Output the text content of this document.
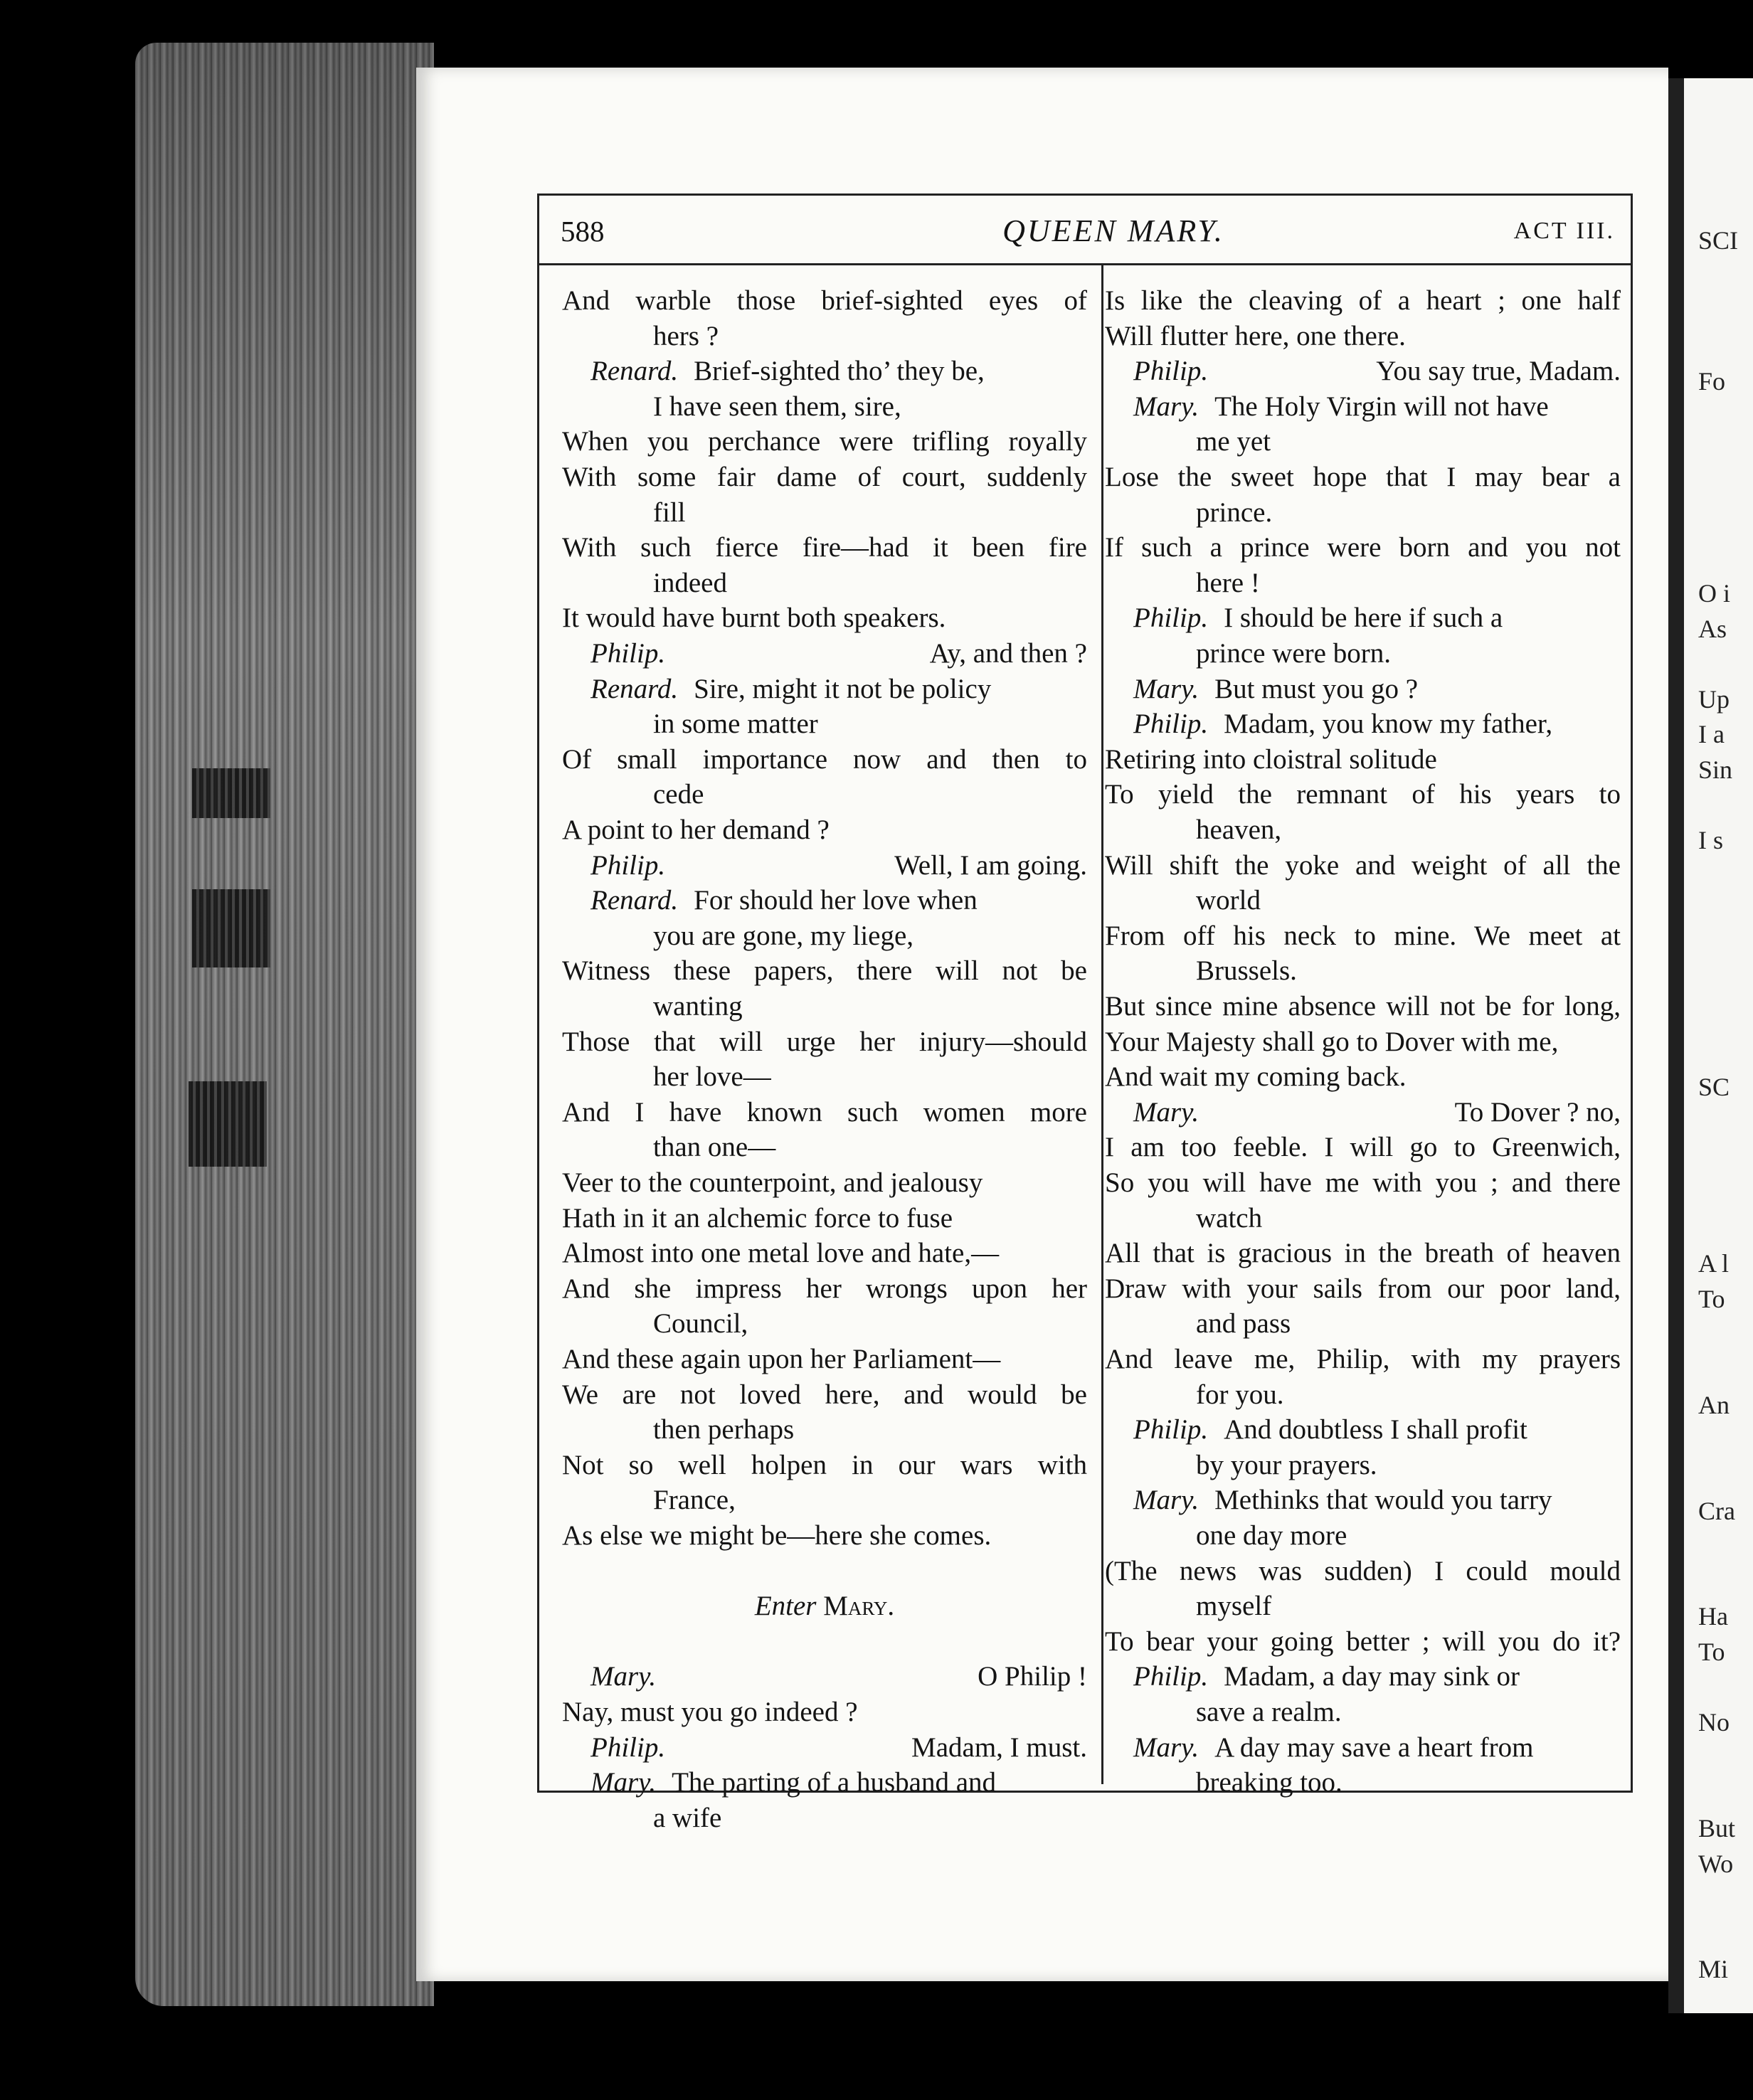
SCI
Fo
O i
As
Up
I a
Sin
I s
SC
A l
To
An
Cra
Ha
To
No
But
Wo
Mi
588	QUEEN MARY.	ACT III.
And warble those brief-sighted eyes of
hers ?
Renard. Brief-sighted tho’ they be,
I have seen them, sire,
When you perchance were trifling royally
With some fair dame of court, suddenly
fill
With such fierce fire—had it been fire
indeed
It would have burnt both speakers.
Ay, and then ?
Philip.
Renard. Sire, might it not be policy
in some matter
Of small importance now and then to
cede
A point to her demand ?
Well, I am going.
Philip.
Renard. For should her love when
you are gone, my liege,
Witness these papers, there will not be
wanting
Those that will urge her injury—should
her love—
And I have known such women more
than one—
Veer to the counterpoint, and jealousy
Hath in it an alchemic force to fuse
Almost into one metal love and hate,—
And she impress her wrongs upon her
Council,
And these again upon her Parliament—
We are not loved here, and would be
then perhaps
Not so well holpen in our wars with
France,
As else we might be—here she comes.
Enter Mary.
O Philip !
Mary.
Nay, must you go indeed ?
Madam, I must.
Philip.
Mary. The parting of a husband and
a wife
Is like the cleaving of a heart ; one half
Will flutter here, one there.
You say true, Madam.
Philip.
Mary. The Holy Virgin will not have
me yet
Lose the sweet hope that I may bear a
prince.
If such a prince were born and you not
here !
Philip. I should be here if such a
prince were born.
Mary. But must you go ?
Philip. Madam, you know my father,
Retiring into cloistral solitude
To yield the remnant of his years to
heaven,
Will shift the yoke and weight of all the
world
From off his neck to mine. We meet at
Brussels.
But since mine absence will not be for long,
Your Majesty shall go to Dover with me,
And wait my coming back.
To Dover ? no,
Mary.
I am too feeble. I will go to Greenwich,
So you will have me with you ; and there
watch
All that is gracious in the breath of heaven
Draw with your sails from our poor land,
and pass
And leave me, Philip, with my prayers
for you.
Philip. And doubtless I shall profit
by your prayers.
Mary. Methinks that would you tarry
one day more
(The news was sudden) I could mould
myself
To bear your going better ; will you do it?
Philip. Madam, a day may sink or
save a realm.
Mary. A day may save a heart from
breaking too.
